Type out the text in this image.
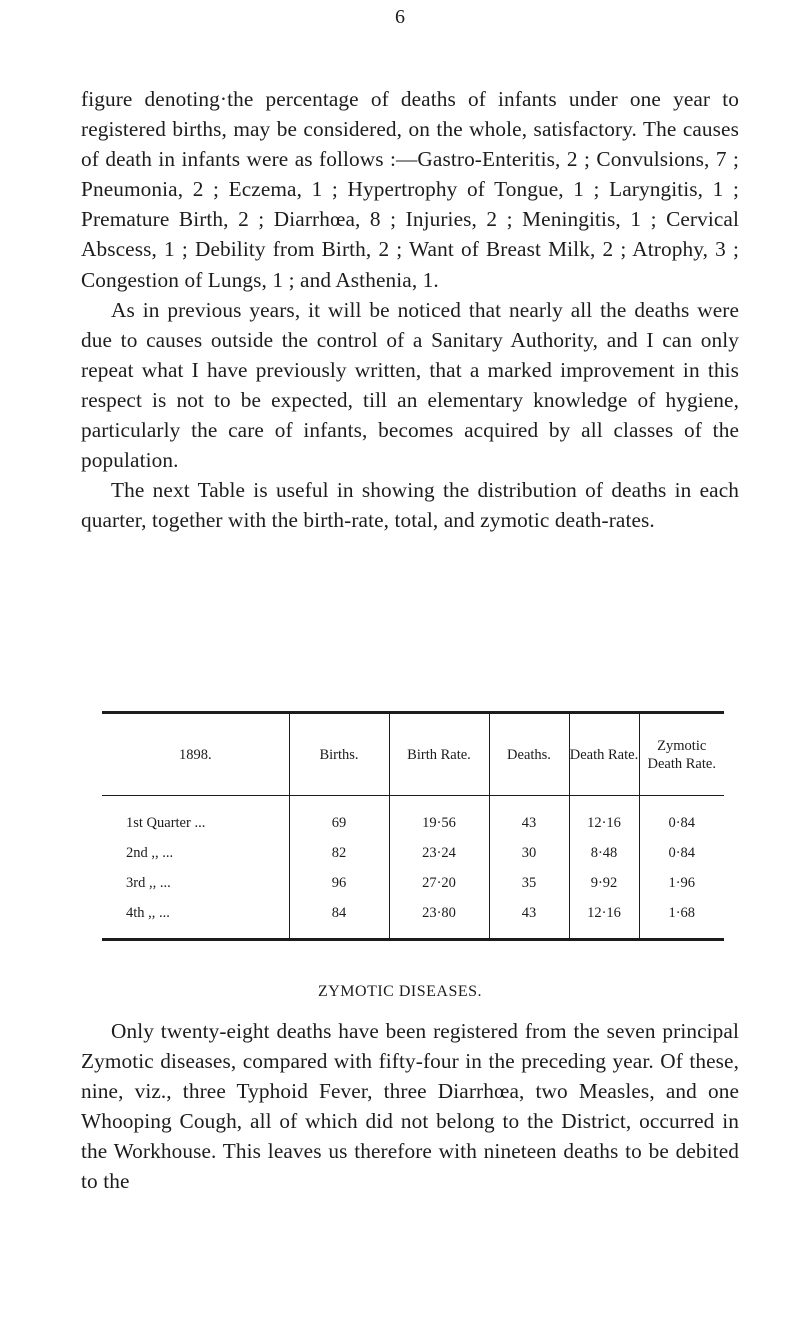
6

figure denoting·the percentage of deaths of infants under one year to registered births, may be considered, on the whole, satisfactory. The causes of death in infants were as follows :—Gastro-Enteritis, 2 ; Convulsions, 7 ; Pneumonia, 2 ; Eczema, 1 ; Hypertrophy of Tongue, 1 ; Laryngitis, 1 ; Premature Birth, 2 ; Diarrhœa, 8 ; Injuries, 2 ; Meningitis, 1 ; Cervical Abscess, 1 ; Debility from Birth, 2 ; Want of Breast Milk, 2 ; Atrophy, 3 ; Congestion of Lungs, 1 ; and Asthenia, 1.

As in previous years, it will be noticed that nearly all the deaths were due to causes outside the control of a Sanitary Authority, and I can only repeat what I have previously written, that a marked improvement in this respect is not to be expected, till an elementary knowledge of hygiene, particularly the care of infants, becomes acquired by all classes of the population.

The next Table is useful in showing the distribution of deaths in each quarter, together with the birth-rate, total, and zymotic death-rates.

1898.	Births.	Birth Rate.	Deaths.	Death Rate.	Zymotic Death Rate.
1st Quarter ...	69	19·56	43	12·16	0·84
2nd ,, ...	82	23·24	30	8·48	0·84
3rd ,, ...	96	27·20	35	9·92	1·96
4th ,, ...	84	23·80	43	12·16	1·68
ZYMOTIC DISEASES.

Only twenty-eight deaths have been registered from the seven principal Zymotic diseases, compared with fifty-four in the preceding year. Of these, nine, viz., three Typhoid Fever, three Diarrhœa, two Measles, and one Whooping Cough, all of which did not belong to the District, occurred in the Workhouse. This leaves us therefore with nineteen deaths to be debited to the
